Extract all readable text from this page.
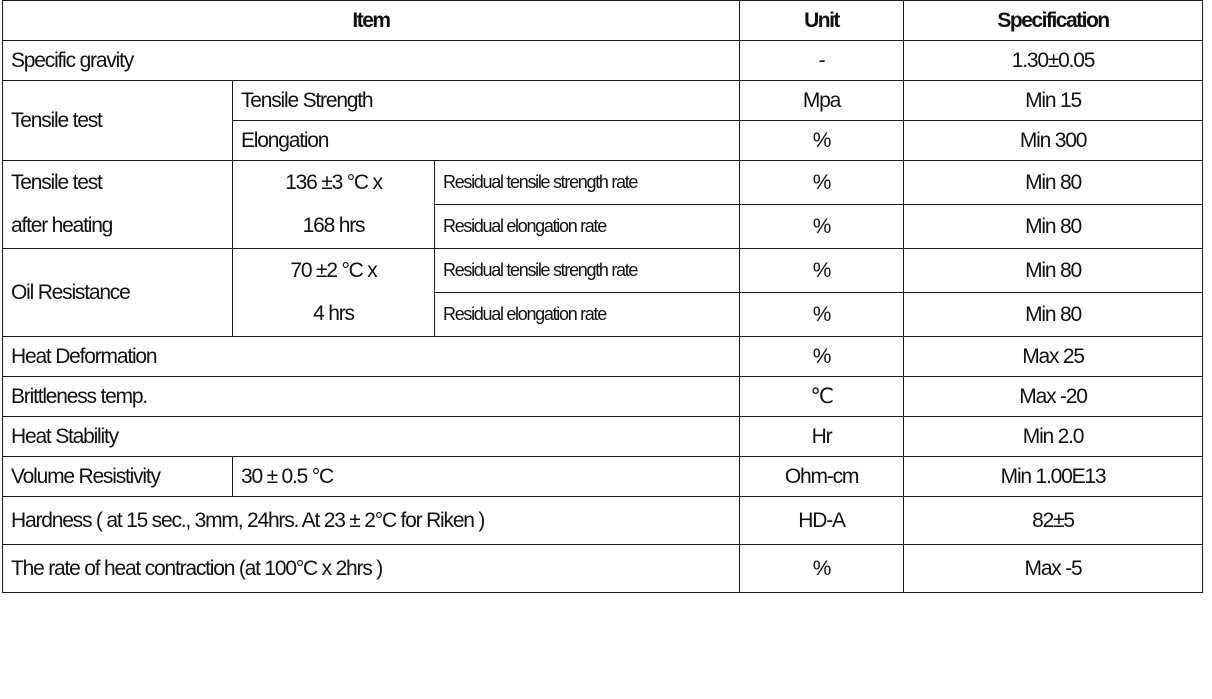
Item			Unit	Specification
Specific gravity			-	1.30±0.05
Tensile test	Tensile Strength		Mpa	Min 15
	Elongation		%	Min 300
Tensile test	136 ±3 °C x	Residual tensile strength rate	%	Min 80
after heating	168 hrs	Residual elongation rate	%	Min 80
Oil Resistance	70 ±2 °C x	Residual tensile strength rate	%	Min 80
	4 hrs	Residual elongation rate	%	Min 80
Heat Deformation			%	Max 25
Brittleness temp.			℃	Max -20
Heat Stability			Hr	Min 2.0
Volume Resistivity	30 ± 0.5 °C		Ohm-cm	Min 1.00E13
Hardness ( at 15 sec., 3mm, 24hrs. At 23 ± 2°C for Riken )			HD-A	82±5
The rate of heat contraction (at 100°C x 2hrs )			%	Max -5
